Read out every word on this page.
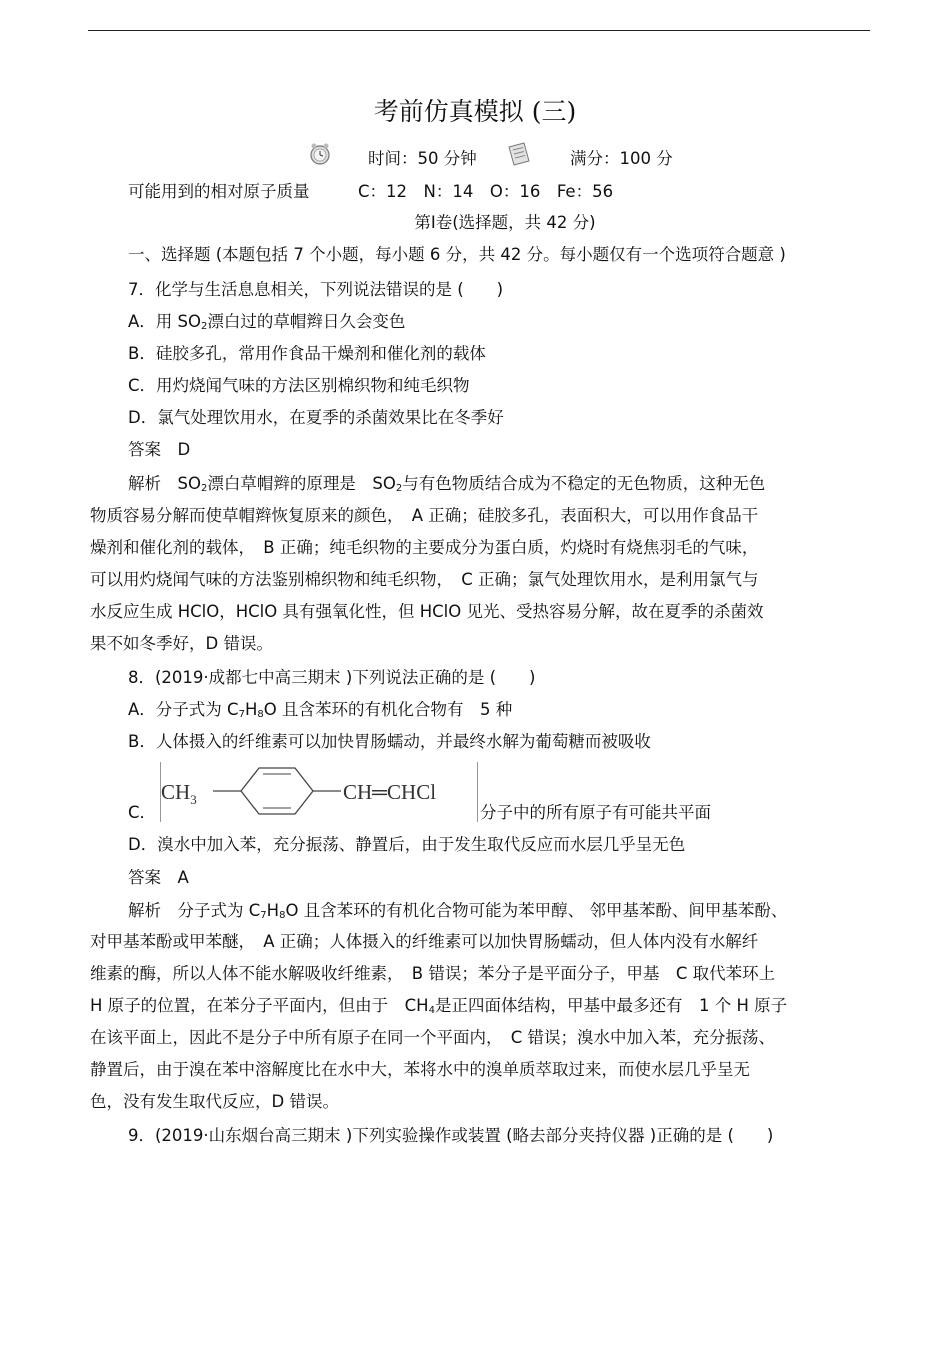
考前仿真模拟 (三)
时间：50 分钟	满分：100 分
可能用到的相对原子质量	C：12　N：14　O：16　Fe：56
第Ⅰ卷(选择题，共 42 分)
一、选择题 (本题包括 7 个小题，每小题 6 分，共 42 分。每小题仅有一个选项符合题意 )
7．化学与生活息息相关，下列说法错误的是 (　　)
A．用 $SO_2$漂白过的草帽辫日久会变色
B．硅胶多孔，常用作食品干燥剂和催化剂的载体
C．用灼烧闻气味的方法区别棉织物和纯毛织物
D．氯气处理饮用水，在夏季的杀菌效果比在冬季好
答案　D
解析　$SO_2$漂白草帽辫的原理是　$SO_2$与有色物质结合成为不稳定的无色物质，这种无色
物质容易分解而使草帽辫恢复原来的颜色，　A 正确；硅胶多孔，表面积大，可以用作食品干
燥剂和催化剂的载体，　B 正确；纯毛织物的主要成分为蛋白质，灼烧时有烧焦羽毛的气味，
可以用灼烧闻气味的方法鉴别棉织物和纯毛织物，　C 正确；氯气处理饮用水，是利用氯气与
水反应生成 HClO，HClO 具有强氧化性，但 HClO 见光、受热容易分解，故在夏季的杀菌效
果不如冬季好，D 错误。
8．(2019·成都七中高三期末 )下列说法正确的是 (　　)
A．分子式为 $C_7H_8O$ 且含苯环的有机化合物有　5 种
B．人体摄入的纤维素可以加快胃肠蠕动，并最终水解为葡萄糖而被吸收
C．
$CH_3$	CH═CHCl
分子中的所有原子有可能共平面
D．溴水中加入苯，充分振荡、静置后，由于发生取代反应而水层几乎呈无色
答案　A
解析　分子式为 $C_7H_8O$ 且含苯环的有机化合物可能为苯甲醇、 邻甲基苯酚、间甲基苯酚、
对甲基苯酚或甲苯醚，　A 正确；人体摄入的纤维素可以加快胃肠蠕动，但人体内没有水解纤
维素的酶，所以人体不能水解吸收纤维素，　B 错误；苯分子是平面分子，甲基　C 取代苯环上
H 原子的位置，在苯分子平面内，但由于　$CH_4$是正四面体结构，甲基中最多还有　1 个 H 原子
在该平面上，因此不是分子中所有原子在同一个平面内，　C 错误；溴水中加入苯，充分振荡、
静置后，由于溴在苯中溶解度比在水中大，苯将水中的溴单质萃取过来，而使水层几乎呈无
色，没有发生取代反应，D 错误。
9．(2019·山东烟台高三期末 )下列实验操作或装置 (略去部分夹持仪器 )正确的是 (　　)
